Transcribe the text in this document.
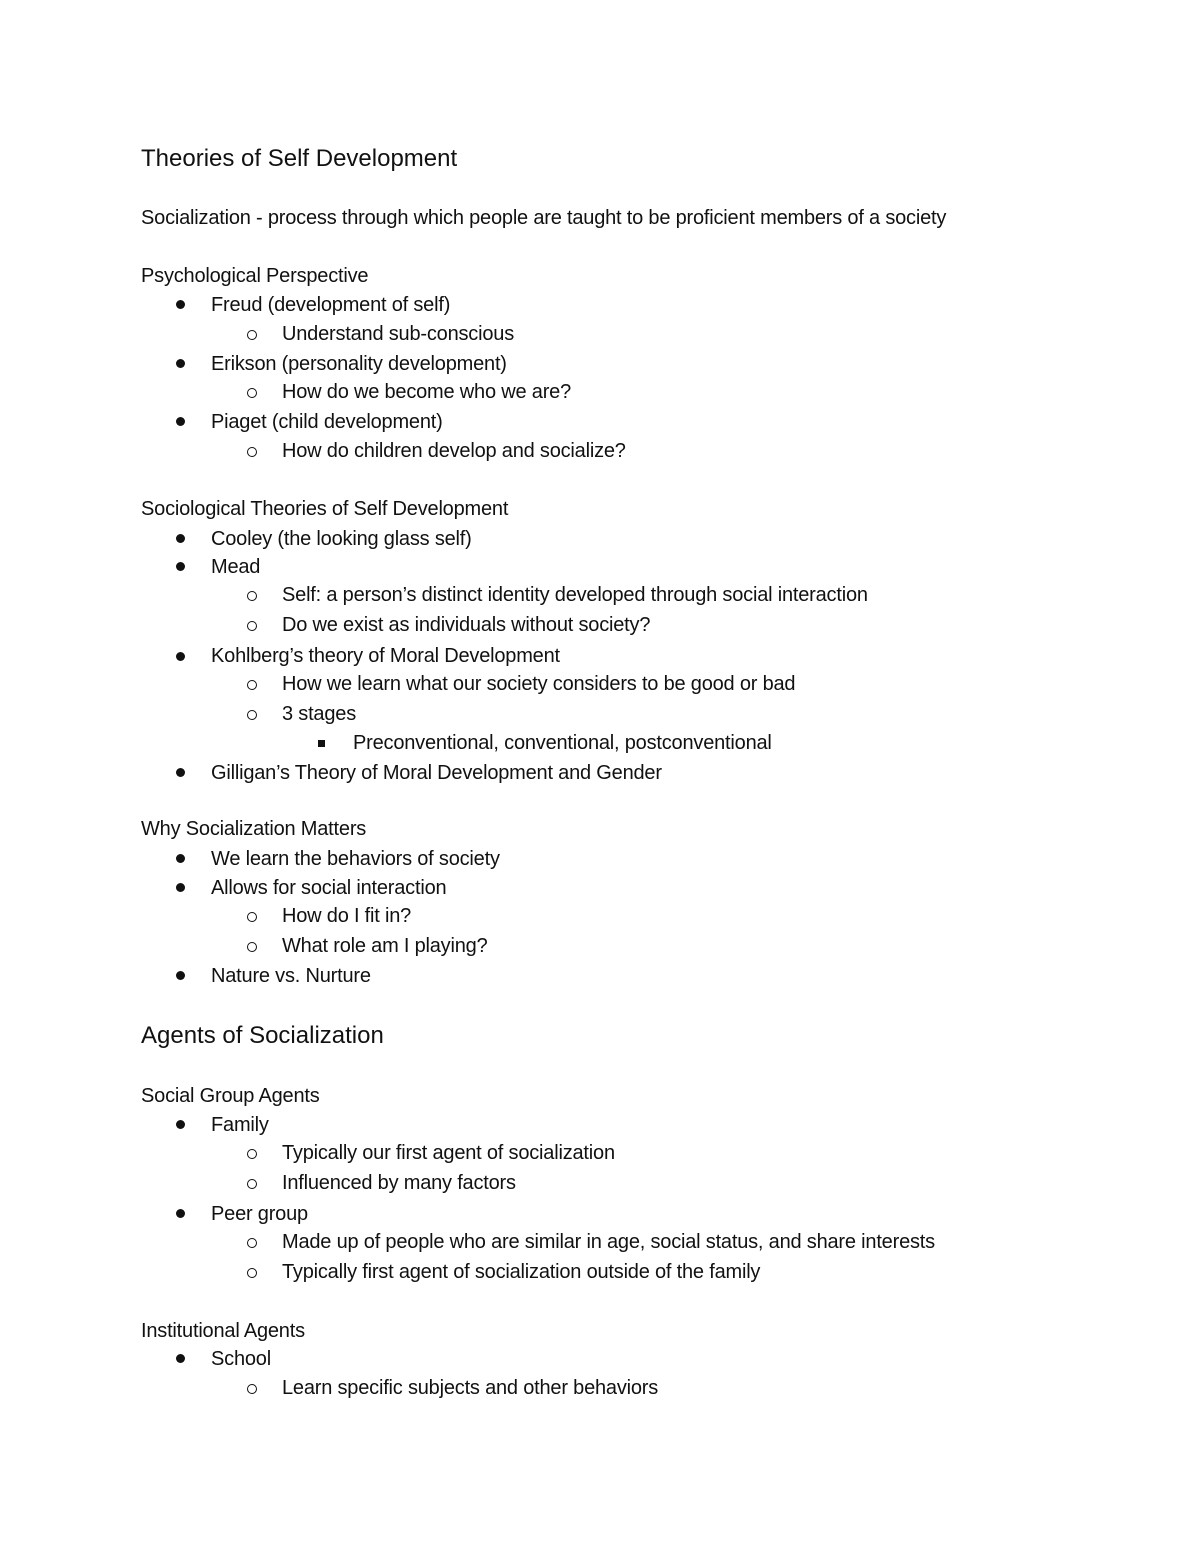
Theories of Self Development
Socialization - process through which people are taught to be proficient members of a society
Psychological Perspective
Freud (development of self)
Understand sub-conscious
Erikson (personality development)
How do we become who we are?
Piaget (child development)
How do children develop and socialize?
Sociological Theories of Self Development
Cooley (the looking glass self)
Mead
Self: a person’s distinct identity developed through social interaction
Do we exist as individuals without society?
Kohlberg’s theory of Moral Development
How we learn what our society considers to be good or bad
3 stages
Preconventional, conventional, postconventional
Gilligan’s Theory of Moral Development and Gender
Why Socialization Matters
We learn the behaviors of society
Allows for social interaction
How do I fit in?
What role am I playing?
Nature vs. Nurture
Agents of Socialization
Social Group Agents
Family
Typically our first agent of socialization
Influenced by many factors
Peer group
Made up of people who are similar in age, social status, and share interests
Typically first agent of socialization outside of the family
Institutional Agents
School
Learn specific subjects and other behaviors
